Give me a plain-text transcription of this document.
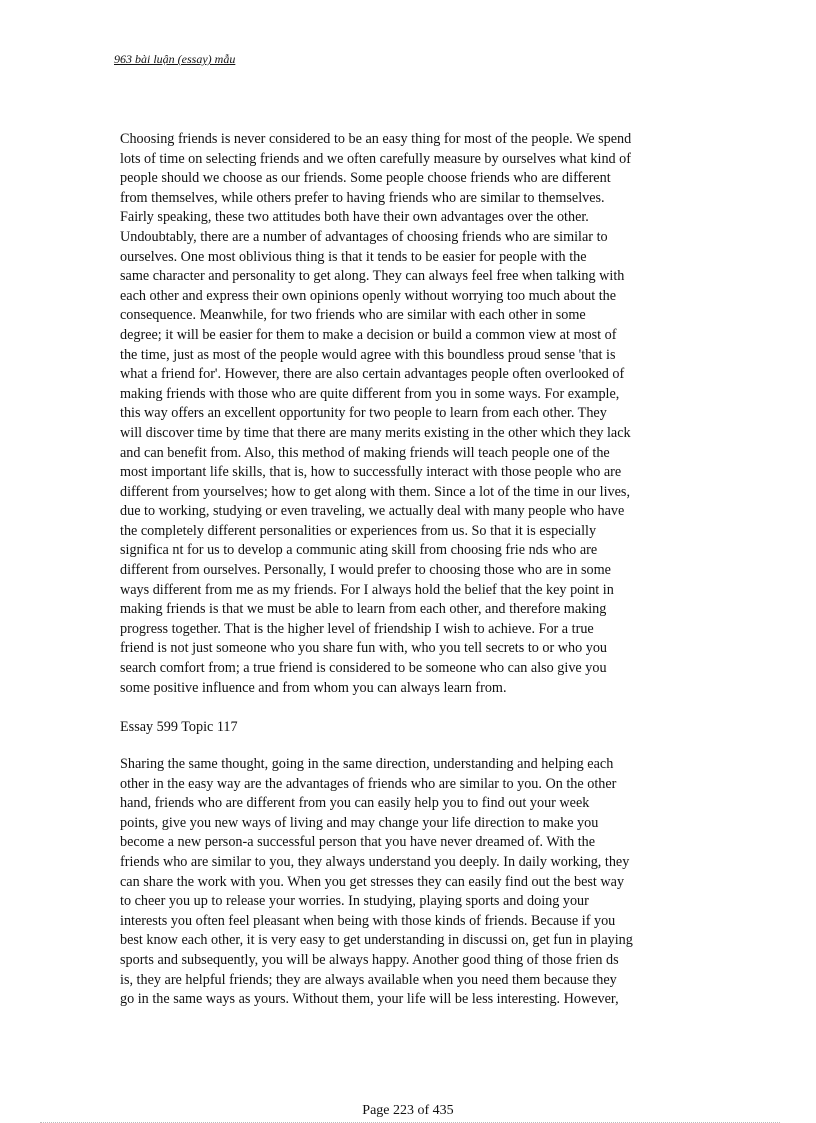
963 bài luận (essay) mẫu
Choosing friends is never considered to be an easy thing for most of the people. We spend
lots of time on selecting friends and we often carefully measure by ourselves what kind of
people should we choose as our friends. Some people choose friends who are different
from themselves, while others prefer to having friends who are similar to themselves.
Fairly speaking, these two attitudes both have their own advantages over the other.
Undoubtably, there are a number of advantages of choosing friends who are similar to
ourselves. One most oblivious thing is that it tends to be easier for people with the
same character and personality to get along. They can always feel free when talking with
each other and express their own opinions openly without worrying too much about the
consequence. Meanwhile, for two friends who are similar with each other in some
degree; it will be easier for them to make a decision or build a common view at most of
the time, just as most of the people would agree with this boundless proud sense 'that is
what a friend for'. However, there are also certain advantages people often overlooked of
making friends with those who are quite different from you in some ways. For example,
this way offers an excellent opportunity for two people to learn from each other. They
will discover time by time that there are many merits existing in the other which they lack
and can benefit from. Also, this method of making friends will teach people one of the
most important life skills, that is, how to successfully interact with those people who are
different from yourselves; how to get along with them. Since a lot of the time in our lives,
due to working, studying or even traveling, we actually deal with many people who have
the completely different personalities or experiences from us. So that it is especially
significa nt for us to develop a communic ating skill from choosing frie nds who are
different from ourselves. Personally, I would prefer to choosing those who are in some
ways different from me as my friends. For I always hold the belief that the key point in
making friends is that we must be able to learn from each other, and therefore making
progress together. That is the higher level of friendship I wish to achieve. For a true
friend is not just someone who you share fun with, who you tell secrets to or who you
search comfort from; a true friend is considered to be someone who can also give you
some positive influence and from whom you can always learn from.
Essay 599 Topic 117
Sharing the same thought, going in the same direction, understanding and helping each
other in the easy way are the advantages of friends who are similar to you. On the other
hand, friends who are different from you can easily help you to find out your week
points, give you new ways of living and may change your life direction to make you
become a new person-a successful person that you have never dreamed of. With the
friends who are similar to you, they always understand you deeply. In daily working, they
can share the work with you. When you get stresses they can easily find out the best way
to cheer you up to release your worries. In studying, playing sports and doing your
interests you often feel pleasant when being with those kinds of friends. Because if you
best know each other, it is very easy to get understanding in discussi on, get fun in playing
sports and subsequently, you will be always happy. Another good thing of those frien ds
is, they are helpful friends; they are always available when you need them because they
go in the same ways as yours. Without them, your life will be less interesting. However,
Page 223 of 435
